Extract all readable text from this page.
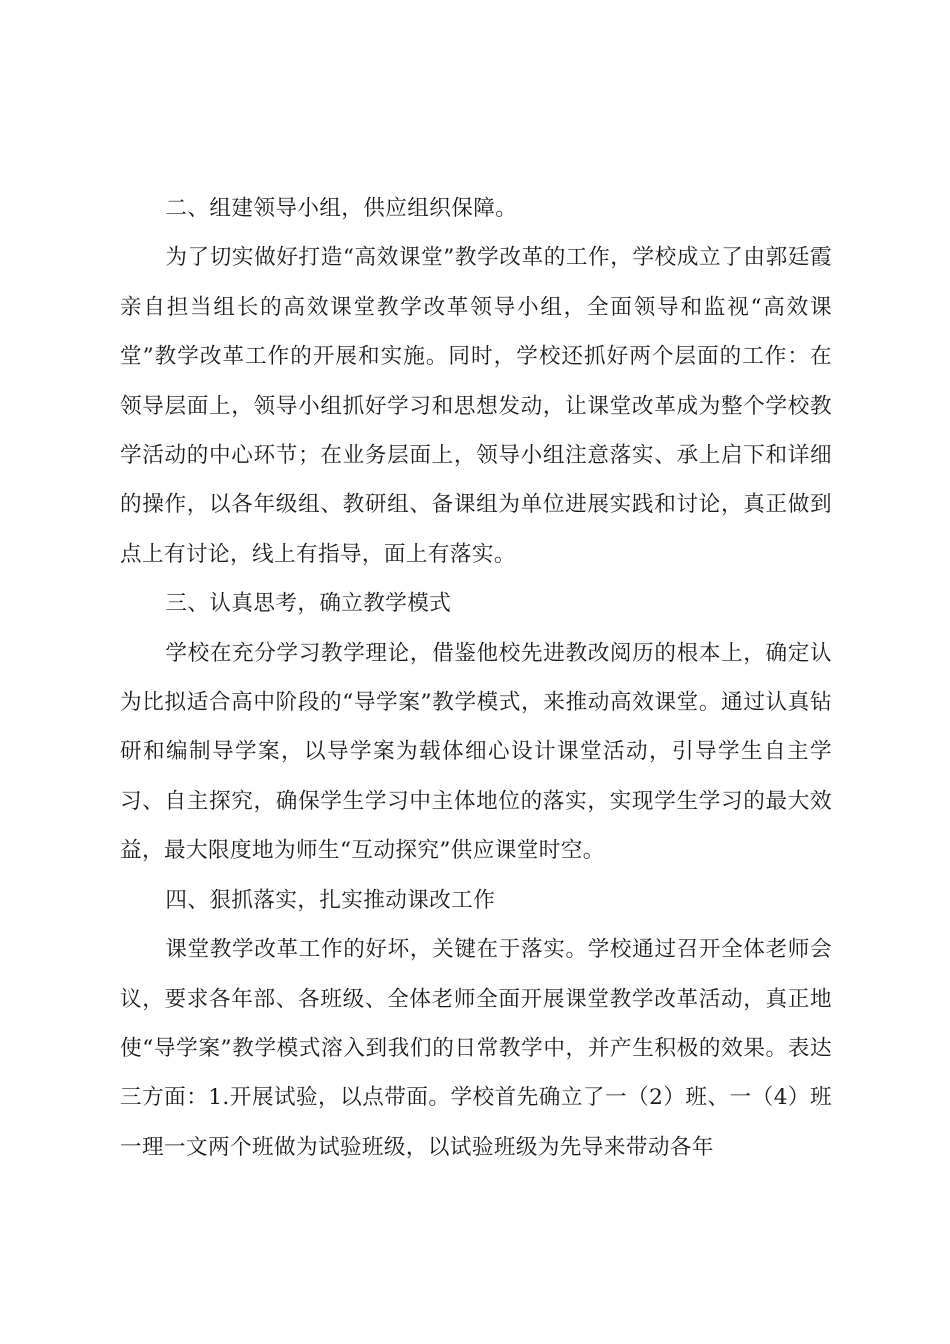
二、组建领导小组，供应组织保障。

为了切实做好打造“高效课堂”教学改革的工作，学校成立了由郭廷霞亲自担当组长的高效课堂教学改革领导小组，全面领导和监视“高效课堂”教学改革工作的开展和实施。同时，学校还抓好两个层面的工作：在领导层面上，领导小组抓好学习和思想发动，让课堂改革成为整个学校教学活动的中心环节；在业务层面上，领导小组注意落实、承上启下和详细的操作，以各年级组、教研组、备课组为单位进展实践和讨论，真正做到点上有讨论，线上有指导，面上有落实。

三、认真思考，确立教学模式

学校在充分学习教学理论，借鉴他校先进教改阅历的根本上，确定认为比拟适合高中阶段的“导学案”教学模式，来推动高效课堂。通过认真钻研和编制导学案，以导学案为载体细心设计课堂活动，引导学生自主学习、自主探究，确保学生学习中主体地位的落实，实现学生学习的最大效益，最大限度地为师生“互动探究”供应课堂时空。

四、狠抓落实，扎实推动课改工作

课堂教学改革工作的好坏，关键在于落实。学校通过召开全体老师会议，要求各年部、各班级、全体老师全面开展课堂教学改革活动，真正地使“导学案”教学模式溶入到我们的日常教学中，并产生积极的效果。表达三方面：1.开展试验，以点带面。学校首先确立了一（2）班、一（4）班一理一文两个班做为试验班级，以试验班级为先导来带动各年
